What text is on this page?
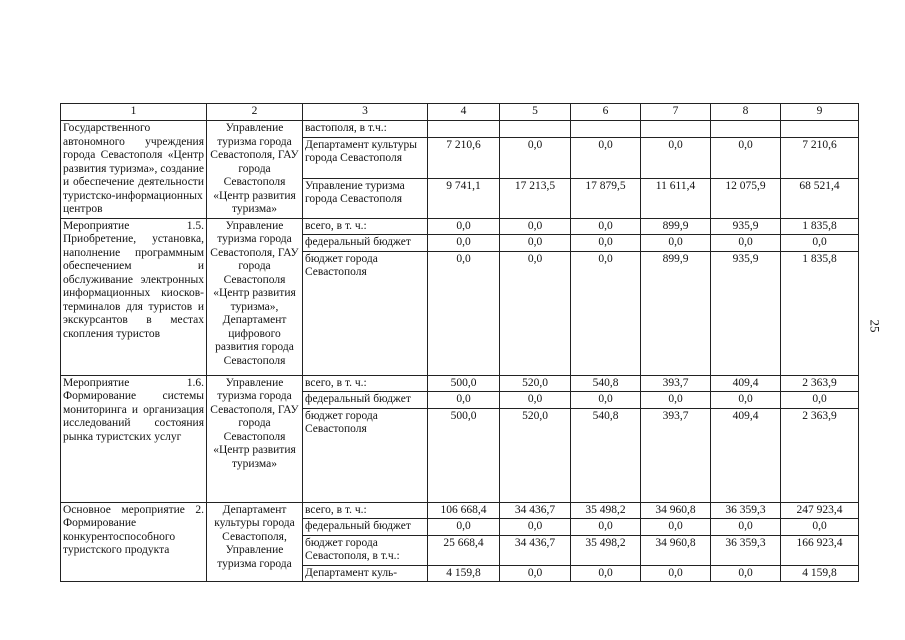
1	2	3	4	5	6	7	8	9
Государственного автономного учреждения города Севастополя «Центр развития туризма», создание и обеспечение деятельности туристско-информационных центров	Управление туризма города Севастополя, ГАУ города Севастополя «Центр развития туризма»	вастополя, в т.ч.:						
		Департамент культуры города Севастополя	7 210,6	0,0	0,0	0,0	0,0	7 210,6
		Управление туризма города Севастополя	9 741,1	17 213,5	17 879,5	11 611,4	12 075,9	68 521,4
Мероприятие 1.5. Приобретение, установка, наполнение программным обеспечением и обслуживание электронных информационных киосков-терминалов для туристов и экскурсантов в местах скопления туристов	Управление туризма города Севастополя, ГАУ города Севастополя «Центр развития туризма», Департамент цифрового развития города Севастополя	всего, в т. ч.:	0,0	0,0	0,0	899,9	935,9	1 835,8
		федеральный бюджет	0,0	0,0	0,0	0,0	0,0	0,0
		бюджет города Севастополя	0,0	0,0	0,0	899,9	935,9	1 835,8
Мероприятие 1.6. Формирование системы мониторинга и организация исследований состояния рынка туристских услуг	Управление туризма города Севастополя, ГАУ города Севастополя «Центр развития туризма»	всего, в т. ч.:	500,0	520,0	540,8	393,7	409,4	2 363,9
		федеральный бюджет	0,0	0,0	0,0	0,0	0,0	0,0
		бюджет города Севастополя	500,0	520,0	540,8	393,7	409,4	2 363,9
Основное мероприятие 2. Формирование конкурентоспособного туристского продукта	Департамент культуры города Севастополя, Управление туризма города	всего, в т. ч.:	106 668,4	34 436,7	35 498,2	34 960,8	36 359,3	247 923,4
		федеральный бюджет	0,0	0,0	0,0	0,0	0,0	0,0
		бюджет города Севастополя, в т.ч.:	25 668,4	34 436,7	35 498,2	34 960,8	36 359,3	166 923,4
		Департамент куль-	4 159,8	0,0	0,0	0,0	0,0	4 159,8
25
